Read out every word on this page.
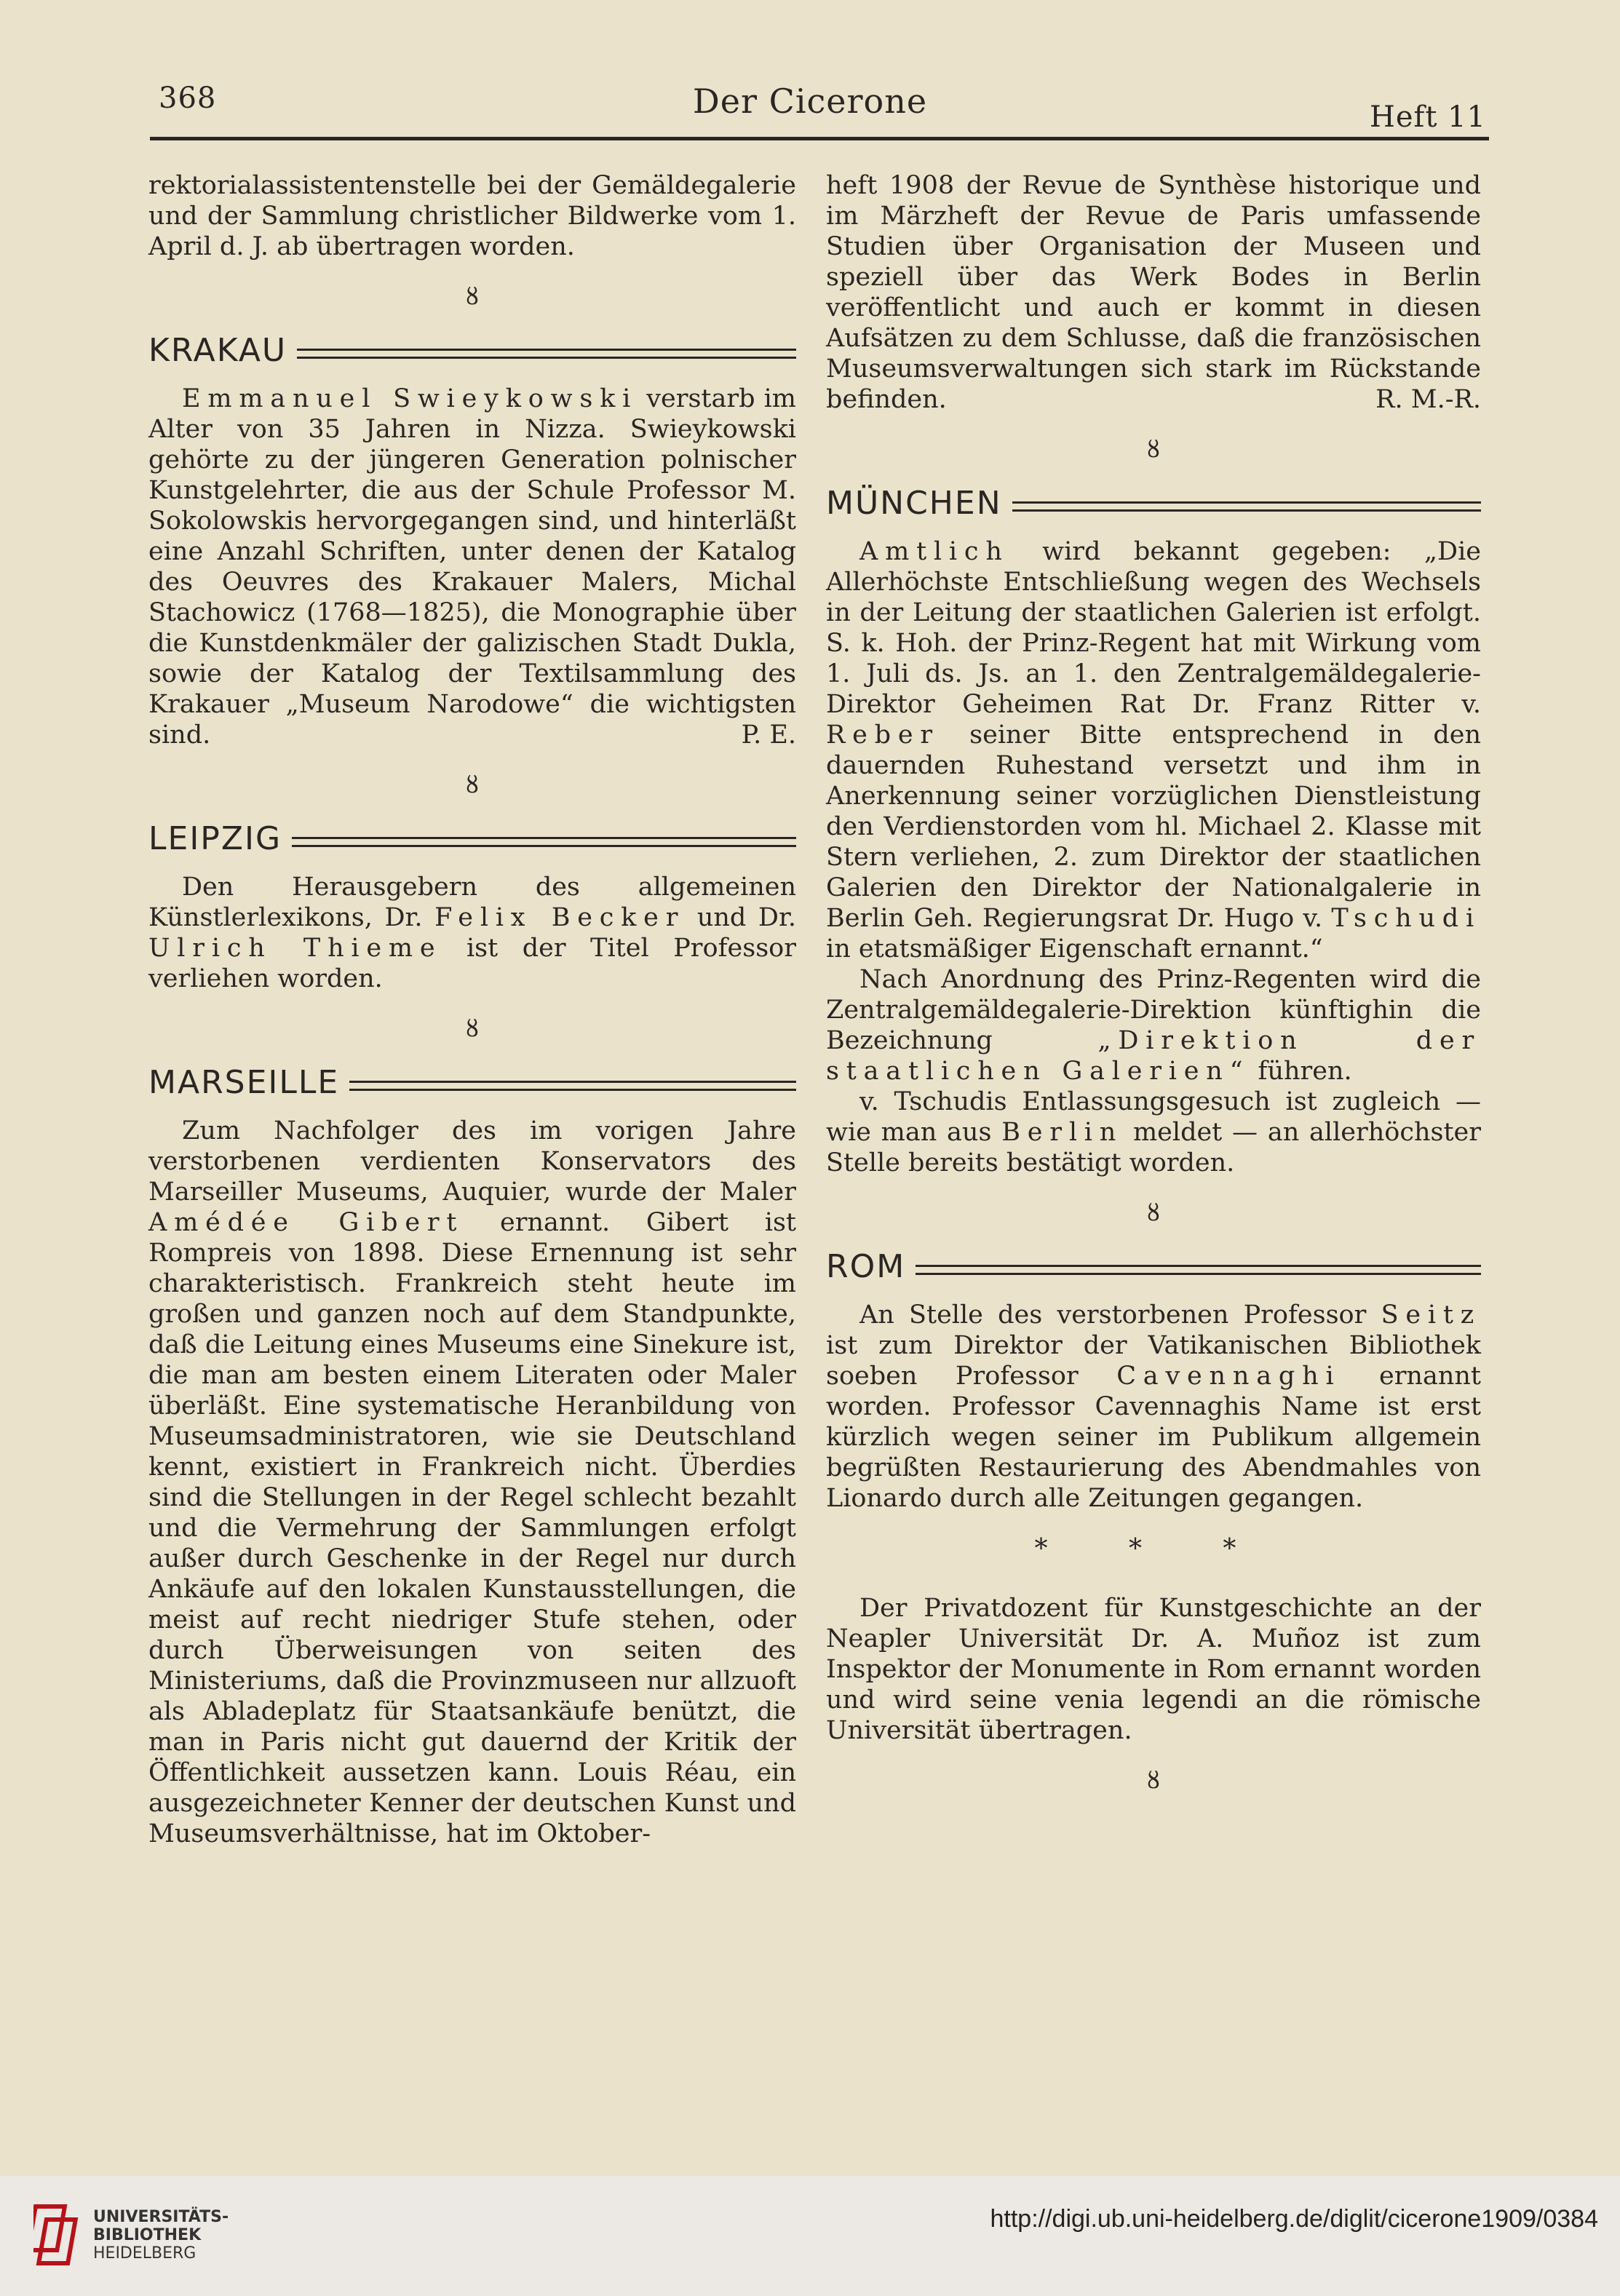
368	Der Cicerone	Heft 11

rektorialassistentenstelle bei der Gemäldegalerie und der Sammlung christlicher Bildwerke vom 1. April d. J. ab übertragen worden.

ȣ
KRAKAU

Emmanuel Swieykowski verstarb im Alter von 35 Jahren in Nizza. Swieykowski gehörte zu der jüngeren Generation polnischer Kunstgelehrter, die aus der Schule Professor M. Sokolowskis hervorgegangen sind, und hinterläßt eine Anzahl Schriften, unter denen der Katalog des Oeuvres des Krakauer Malers, Michal Stachowicz (1768—1825), die Monographie über die Kunstdenkmäler der galizischen Stadt Dukla, sowie der Katalog der Textilsammlung des Krakauer „Museum Narodowe“ die wichtigsten sind.	P. E.

ȣ
LEIPZIG

Den Herausgebern des allgemeinen Künstlerlexikons, Dr. Felix Becker und Dr. Ulrich Thieme ist der Titel Professor verliehen worden.

ȣ
MARSEILLE

Zum Nachfolger des im vorigen Jahre verstorbenen verdienten Konservators des Marseiller Museums, Auquier, wurde der Maler Amédée Gibert ernannt. Gibert ist Rompreis von 1898. Diese Ernennung ist sehr charakteristisch. Frankreich steht heute im großen und ganzen noch auf dem Standpunkte, daß die Leitung eines Museums eine Sinekure ist, die man am besten einem Literaten oder Maler überläßt. Eine systematische Heranbildung von Museumsadministratoren, wie sie Deutschland kennt, existiert in Frankreich nicht. Überdies sind die Stellungen in der Regel schlecht bezahlt und die Vermehrung der Sammlungen erfolgt außer durch Geschenke in der Regel nur durch Ankäufe auf den lokalen Kunstausstellungen, die meist auf recht niedriger Stufe stehen, oder durch Überweisungen von seiten des Ministeriums, daß die Provinzmuseen nur allzuoft als Abladeplatz für Staatsankäufe benützt, die man in Paris nicht gut dauernd der Kritik der Öffentlichkeit aussetzen kann. Louis Réau, ein ausgezeichneter Kenner der deutschen Kunst und Museumsverhältnisse, hat im Oktober-

heft 1908 der Revue de Synthèse historique und im Märzheft der Revue de Paris umfassende Studien über Organisation der Museen und speziell über das Werk Bodes in Berlin veröffentlicht und auch er kommt in diesen Aufsätzen zu dem Schlusse, daß die französischen Museumsverwaltungen sich stark im Rückstande befinden.	R. M.-R.

ȣ
MÜNCHEN

Amtlich wird bekannt gegeben: „Die Allerhöchste Entschließung wegen des Wechsels in der Leitung der staatlichen Galerien ist erfolgt. S. k. Hoh. der Prinz-Regent hat mit Wirkung vom 1. Juli ds. Js. an 1. den Zentralgemäldegalerie-Direktor Geheimen Rat Dr. Franz Ritter v. Reber seiner Bitte entsprechend in den dauernden Ruhestand versetzt und ihm in Anerkennung seiner vorzüglichen Dienstleistung den Verdienstorden vom hl. Michael 2. Klasse mit Stern verliehen, 2. zum Direktor der staatlichen Galerien den Direktor der Nationalgalerie in Berlin Geh. Regierungsrat Dr. Hugo v. Tschudi in etatsmäßiger Eigenschaft ernannt.“

Nach Anordnung des Prinz-Regenten wird die Zentralgemäldegalerie-Direktion künftighin die Bezeichnung	„Direktion der staatlichen Galerien“ führen.

v. Tschudis Entlassungsgesuch ist zugleich — wie man aus Berlin meldet — an allerhöchster Stelle bereits bestätigt worden.

ȣ
ROM

An Stelle des verstorbenen Professor Seitz ist zum Direktor der Vatikanischen Bibliothek soeben Professor Cavennaghi ernannt worden. Professor Cavennaghis Name ist erst kürzlich wegen seiner im Publikum allgemein begrüßten Restaurierung des Abendmahles von Lionardo durch alle Zeitungen gegangen.

* * *

Der Privatdozent für Kunstgeschichte an der Neapler Universität Dr. A. Muñoz ist zum Inspektor der Monumente in Rom ernannt worden und wird seine venia legendi an die römische Universität übertragen.

ȣ
UNIVERSITÄTS-
BIBLIOTHEK
HEIDELBERG
http://digi.ub.uni-heidelberg.de/diglit/cicerone1909/0384
